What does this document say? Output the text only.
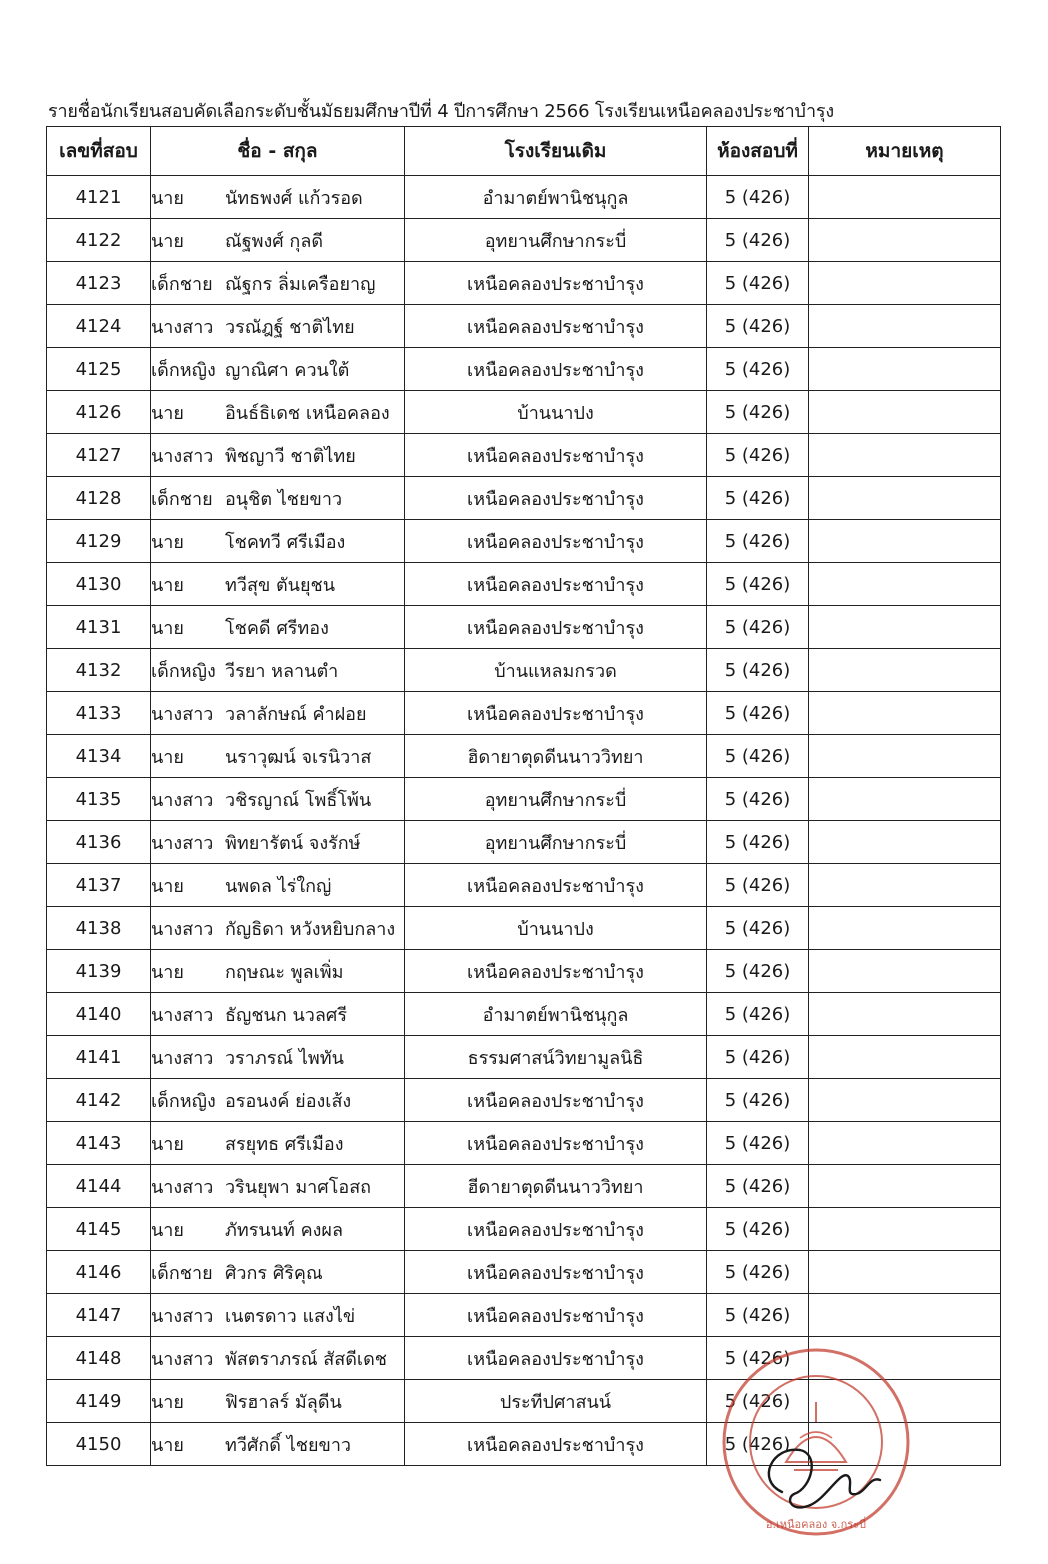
รายชื่อนักเรียนสอบคัดเลือกระดับชั้นมัธยมศึกษาปีที่ 4 ปีการศึกษา 2566 โรงเรียนเหนือคลองประชาบำรุง
เลขที่สอบ	ชื่อ - สกุล	โรงเรียนเดิม	ห้องสอบที่	หมายเหตุ
4121	นาย นัทธพงศ์ แก้วรอด	อำมาตย์พานิชนุกูล	5 (426)	
4122	นาย ณัฐพงศ์ กุลดี	อุทยานศึกษากระบี่	5 (426)	
4123	เด็กชาย ณัฐกร ลิ่มเครือยาญ	เหนือคลองประชาบำรุง	5 (426)	
4124	นางสาว วรณัฎฐ์ ชาติไทย	เหนือคลองประชาบำรุง	5 (426)	
4125	เด็กหญิง ญาณิศา ควนใต้	เหนือคลองประชาบำรุง	5 (426)	
4126	นาย อินธ์ธิเดช เหนือคลอง	บ้านนาปง	5 (426)	
4127	นางสาว พิชญาวี ชาติไทย	เหนือคลองประชาบำรุง	5 (426)	
4128	เด็กชาย อนุชิต ไชยขาว	เหนือคลองประชาบำรุง	5 (426)	
4129	นาย โชคทวี ศรีเมือง	เหนือคลองประชาบำรุง	5 (426)	
4130	นาย ทวีสุข ตันยุชน	เหนือคลองประชาบำรุง	5 (426)	
4131	นาย โชคดี ศรีทอง	เหนือคลองประชาบำรุง	5 (426)	
4132	เด็กหญิง วีรยา หลานตำ	บ้านแหลมกรวด	5 (426)	
4133	นางสาว วลาลักษณ์ คำฝอย	เหนือคลองประชาบำรุง	5 (426)	
4134	นาย นราวุฒน์ จเรนิวาส	ฮิดายาตุดดีนนาววิทยา	5 (426)	
4135	นางสาว วชิรญาณ์ โพธิ์โพ้น	อุทยานศึกษากระบี่	5 (426)	
4136	นางสาว พิทยารัตน์ จงรักษ์	อุทยานศึกษากระบี่	5 (426)	
4137	นาย นพดล ไร่ใกญ่	เหนือคลองประชาบำรุง	5 (426)	
4138	นางสาว กัญธิดา หวังหยิบกลาง	บ้านนาปง	5 (426)	
4139	นาย กฤษณะ พูลเพิ่ม	เหนือคลองประชาบำรุง	5 (426)	
4140	นางสาว ธัญชนก นวลศรี	อำมาตย์พานิชนุกูล	5 (426)	
4141	นางสาว วราภรณ์ ไพทัน	ธรรมศาสน์วิทยามูลนิธิ	5 (426)	
4142	เด็กหญิง อรอนงค์ ย่องเส้ง	เหนือคลองประชาบำรุง	5 (426)	
4143	นาย สรยุทธ ศรีเมือง	เหนือคลองประชาบำรุง	5 (426)	
4144	นางสาว วรินยุพา มาศโอสถ	ฮีดายาตุดดีนนาววิทยา	5 (426)	
4145	นาย ภัทรนนท์ คงผล	เหนือคลองประชาบำรุง	5 (426)	
4146	เด็กชาย ศิวกร ศิริคุณ	เหนือคลองประชาบำรุง	5 (426)	
4147	นางสาว เนตรดาว แสงไข่	เหนือคลองประชาบำรุง	5 (426)	
4148	นางสาว พัสตราภรณ์ สัสดีเดช	เหนือคลองประชาบำรุง	5 (426)	
4149	นาย ฟิรฮาลร์ มัลุดีน	ประทีปศาสนน์	5 (426)	
4150	นาย ทวีศักดิ์ ไชยขาว	เหนือคลองประชาบำรุง	5 (426)	
อ.เหนือคลอง จ.กระบี่
